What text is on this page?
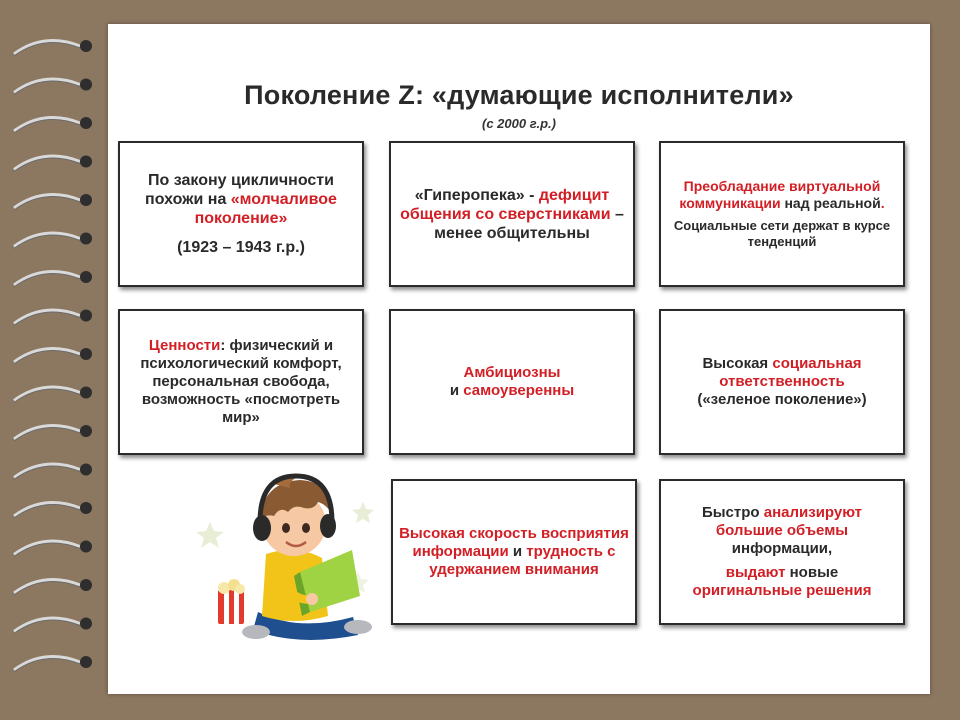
Поколение Z: «думающие исполнители»
(с 2000 г.р.)

По закону цикличности похожи на «молчаливое поколение»

(1923 – 1943 г.р.)

«Гиперопека» - дефицит общения со сверстниками – менее общительны

Преобладание виртуальной коммуникации над реальной.

Социальные сети держат в курсе тенденций

Ценности: физический и психологический комфорт, персональная свобода, возможность «посмотреть мир»

Амбициозны

и самоуверенны

Высокая социальная ответственность

(«зеленое поколение»)

Высокая скорость восприятия информации и трудность с удержанием внимания

Быстро анализируют

большие объемы

информации,

выдают новые

оригинальные решения
